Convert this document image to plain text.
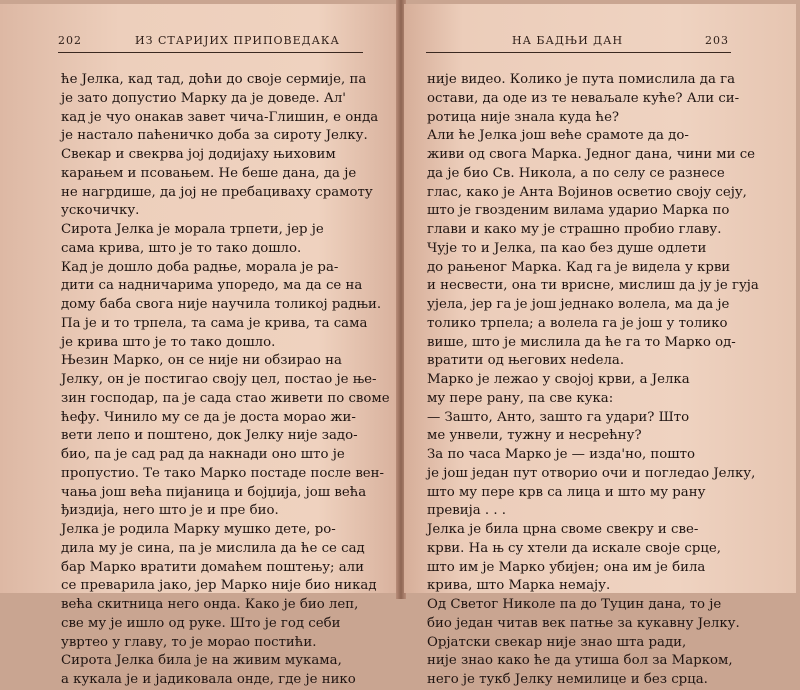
202	ИЗ СТАРИЈИХ ПРИПОВЕДАКА
ће Јелка, кад тад, доћи до своје сермије, па
је зато допустио Марку да је доведе. Ал'
кад је чуо онакав завет чича-Глишин, е онда
је настало паћеничко доба за сироту Јелку.
Свекар и свекрва јој додијаху њиховим
карањем и псовањем. Не беше дана, да је
не нагрдише, да јој не пребациваху срамоту
ускочичку.
Сирота Јелка је морала трпети, јер је
сама крива, што је то тако дошло.
Кад је дошло доба радње, морала је ра-
дити са надничарима упоредо, ма да се на
дому баба свога није научила толикој радњи.
Па је и то трпела, та сама је крива, та сама
је крива што је то тако дошло.
Њезин Марко, он се није ни обзирао на
Јелку, он је постигао своју цел, постао је ње-
зин господар, па је сада стао живети по своме
ћефу. Чинило му се да је доста морао жи-
вети лепо и поштено, док Јелку није задо-
био, па је сад рад да накнади оно што је
пропустио. Те тако Марко постаде после вен-
чања још већа пијаница и бојџија, још већа
ђиздија, него што је и пре био.
Јелка је родила Марку мушко дете, ро-
дила му је сина, па је мислила да ће се сад
бар Марко вратити домаћем поштењу; али
се преварила јако, јер Марко није био никад
већа скитница него онда. Како је био леп,
све му је ишло од руке. Што је год себи
увртео у главу, то је морао постићи.
Сирота Јелка била је на живим мукама,
а кукала је и јадиковала онде, где је нико
НА БАДЊИ ДАН	203
није видео. Колико је пута помислила да га
остави, да оде из те неваљале куће? Али си-
ротица није знала куда ће?
Али ће Јелка још веће срамоте да до-
живи од свога Марка. Једног дана, чини ми се
да је био Св. Никола, а по селу се разнесе
глас, како је Анта Војинов осветио своју сеју,
што је гвозденим вилама ударио Марка по
глави и како му је страшно пробио главу.
Чује то и Јелка, па као без душе одлети
до рањеног Марка. Кад га је видела у крви
и несвести, она ти врисне, мислиш да ју је гуја
ујела, јер га је још једнако волела, ма да је
толико трпела; а волела га је још у толико
више, што је мислила да ће га то Марко од-
вратити од његових неdела.
Марко је лежао у својој крви, а Јелка
му пере рану, па све кука:
— Зашто, Анто, зашто га удари? Што
ме унвели, тужну и несрећну?
За по часа Марко је — издa'но, пошто
је још један пут отворио очи и погледао Јелку,
што му пере крв са лица и што му рану
превија . . .
Јелка је била црна своме свекру и све-
крви. На њ су хтели да искале своје срце,
што им је Марко убијен; она им је била
крива, што Марка немају.
Од Светог Николе па до Туцин дана, то је
био један читав век патње за кукавну Јелку.
Орјатски свекар није знао шта ради,
није знао како ће да утиша бол за Марком,
него је тукб Јелку немилице и без срца.
